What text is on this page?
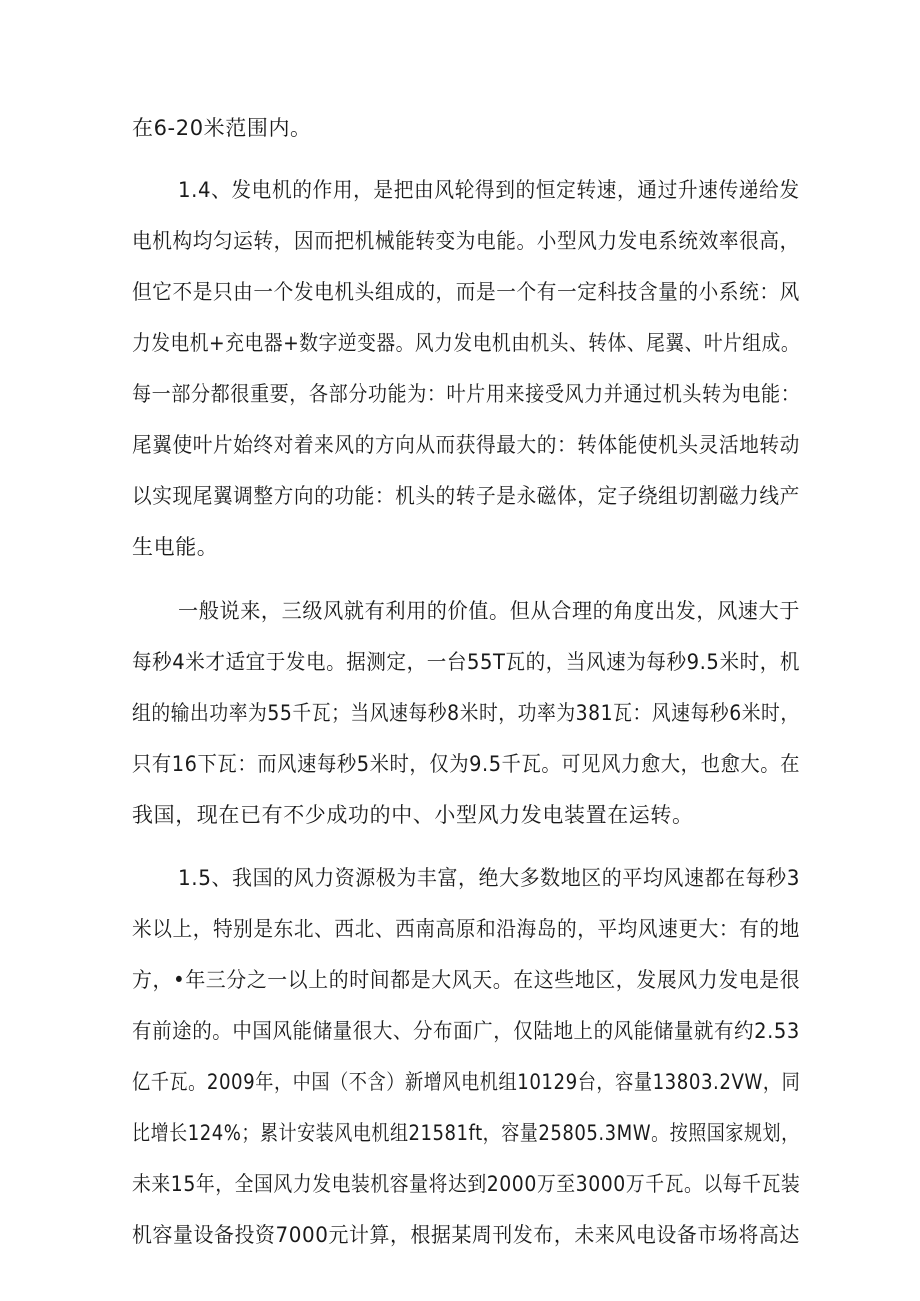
在6-20米范围内。
1.4、发电机的作用，是把由风轮得到的恒定转速，通过升速传递给发
电机构均匀运转，因而把机械能转变为电能。小型风力发电系统效率很高，
但它不是只由一个发电机头组成的，而是一个有一定科技含量的小系统：风
力发电机+充电器+数字逆变器。风力发电机由机头、转体、尾翼、叶片组成。
每一部分都很重要，各部分功能为：叶片用来接受风力并通过机头转为电能：
尾翼使叶片始终对着来风的方向从而获得最大的：转体能使机头灵活地转动
以实现尾翼调整方向的功能：机头的转子是永磁体，定子绕组切割磁力线产
生电能。
一般说来，三级风就有利用的价值。但从合理的角度出发，风速大于
每秒4米才适宜于发电。据测定，一台55T瓦的，当风速为每秒9.5米时，机
组的输出功率为55千瓦；当风速每秒8米时，功率为381瓦：风速每秒6米时，
只有16下瓦：而风速每秒5米时，仅为9.5千瓦。可见风力愈大，也愈大。在
我国，现在已有不少成功的中、小型风力发电装置在运转。
1.5、我国的风力资源极为丰富，绝大多数地区的平均风速都在每秒3
米以上，特别是东北、西北、西南高原和沿海岛的，平均风速更大：有的地
方，•年三分之一以上的时间都是大风天。在这些地区，发展风力发电是很
有前途的。中国风能储量很大、分布面广，仅陆地上的风能储量就有约2.53
亿千瓦。2009年，中国（不含）新增风电机组10129台，容量13803.2VW，同
比增长124%；累计安装风电机组21581ft，容量25805.3MW。按照国家规划，
未来15年，全国风力发电装机容量将达到2000万至3000万千瓦。以每千瓦装
机容量设备投资7000元计算，根据某周刊发布，未来风电设备市场将高达
